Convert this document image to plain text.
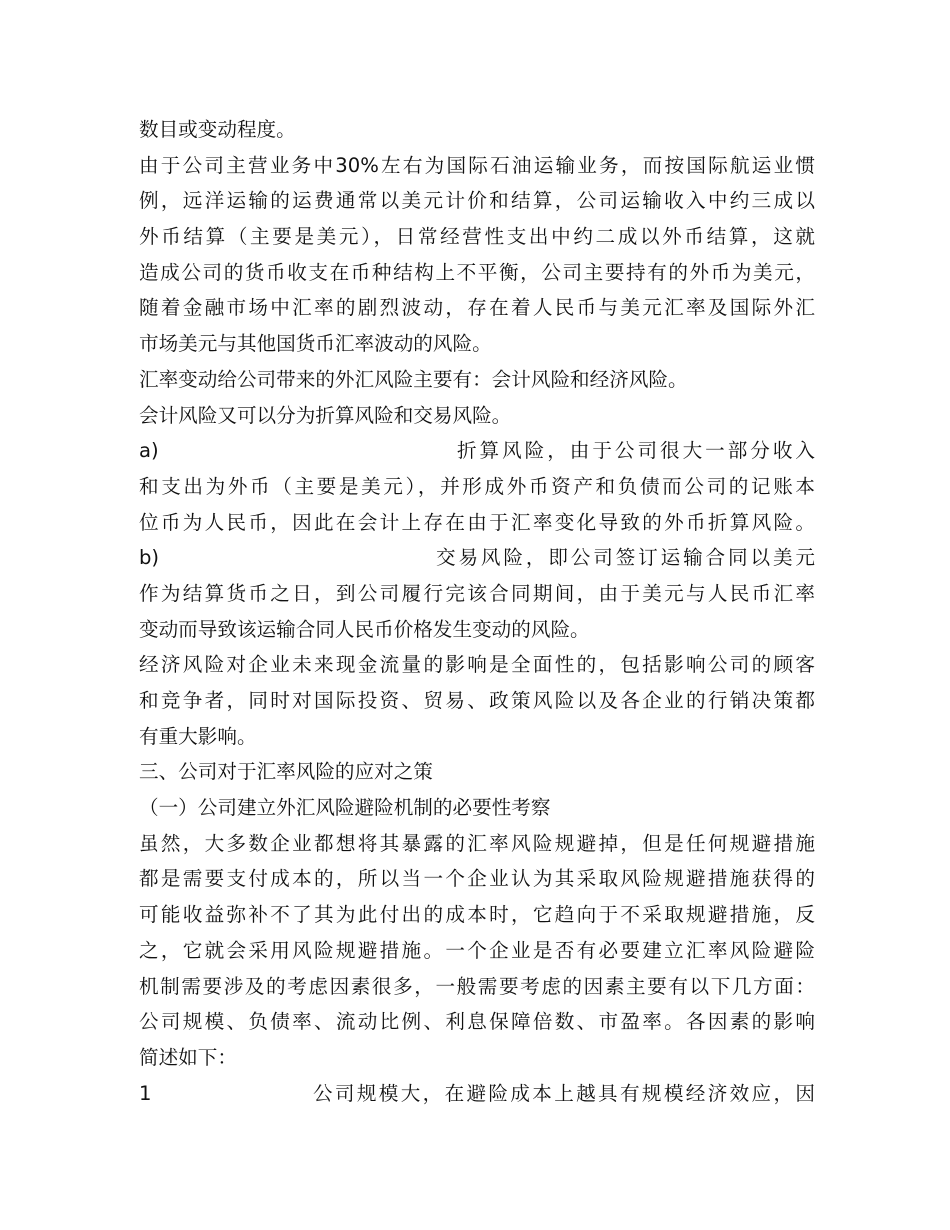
数目或变动程度。
由于公司主营业务中30%左右为国际石油运输业务，而按国际航运业惯
例，远洋运输的运费通常以美元计价和结算，公司运输收入中约三成以
外币结算（主要是美元），日常经营性支出中约二成以外币结算，这就
造成公司的货币收支在币种结构上不平衡，公司主要持有的外币为美元，
随着金融市场中汇率的剧烈波动，存在着人民币与美元汇率及国际外汇
市场美元与其他国货币汇率波动的风险。
汇率变动给公司带来的外汇风险主要有：会计风险和经济风险。
会计风险又可以分为折算风险和交易风险。
a)	折算风险，由于公司很大一部分收入
和支出为外币（主要是美元），并形成外币资产和负债而公司的记账本
位币为人民币，因此在会计上存在由于汇率变化导致的外币折算风险。
b)	交易风险，即公司签订运输合同以美元
作为结算货币之日，到公司履行完该合同期间，由于美元与人民币汇率
变动而导致该运输合同人民币价格发生变动的风险。
经济风险对企业未来现金流量的影响是全面性的，包括影响公司的顾客
和竞争者，同时对国际投资、贸易、政策风险以及各企业的行销决策都
有重大影响。
三、公司对于汇率风险的应对之策
（一）公司建立外汇风险避险机制的必要性考察
虽然，大多数企业都想将其暴露的汇率风险规避掉，但是任何规避措施
都是需要支付成本的，所以当一个企业认为其采取风险规避措施获得的
可能收益弥补不了其为此付出的成本时，它趋向于不采取规避措施，反
之，它就会采用风险规避措施。一个企业是否有必要建立汇率风险避险
机制需要涉及的考虑因素很多，一般需要考虑的因素主要有以下几方面：
公司规模、负债率、流动比例、利息保障倍数、市盈率。各因素的影响
简述如下：
1	公司规模大，在避险成本上越具有规模经济效应，因
